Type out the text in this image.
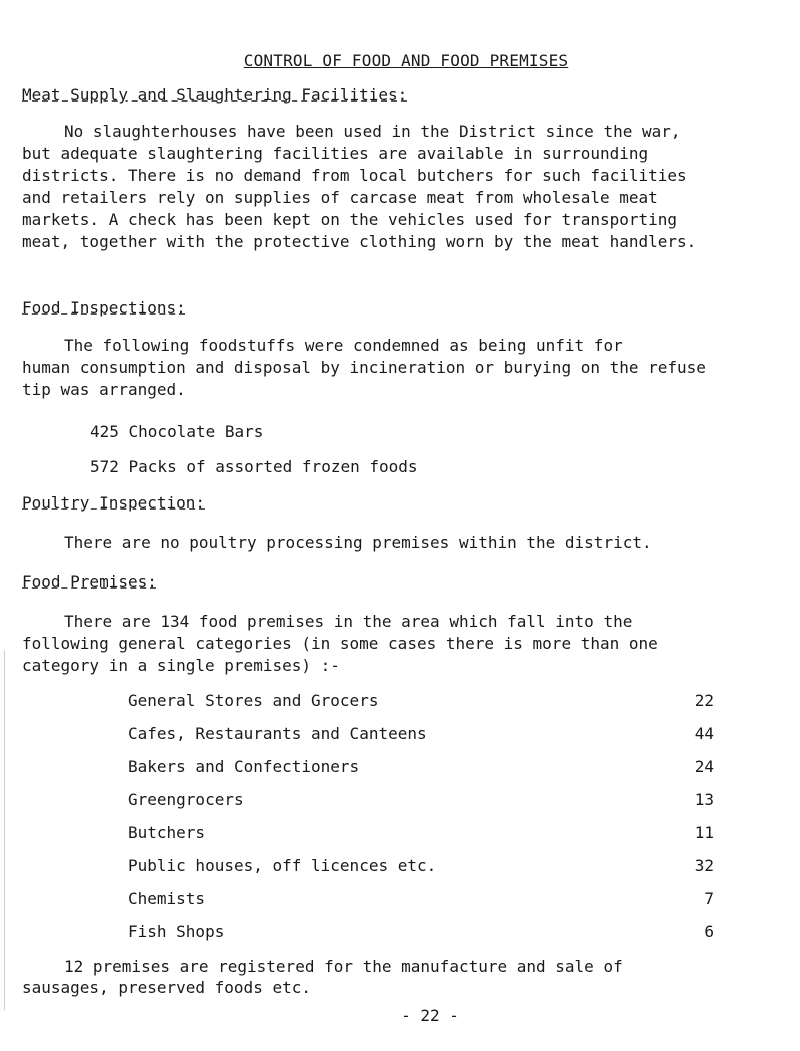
CONTROL OF FOOD AND FOOD PREMISES
Meat Supply and Slaughtering Facilities:
No slaughterhouses have been used in the District since the war,
but adequate slaughtering facilities are available in surrounding
districts. There is no demand from local butchers for such facilities
and retailers rely on supplies of carcase meat from wholesale meat
markets. A check has been kept on the vehicles used for transporting
meat, together with the protective clothing worn by the meat handlers.
Food Inspections:
The following foodstuffs were condemned as being unfit for
human consumption and disposal by incineration or burying on the refuse
tip was arranged.
425 Chocolate Bars
572 Packs of assorted frozen foods
Poultry Inspection:
There are no poultry processing premises within the district.
Food Premises:
There are 134 food premises in the area which fall into the
following general categories (in some cases there is more than one
category in a single premises) :-
General Stores and Grocers	22
Cafes, Restaurants and Canteens	44
Bakers and Confectioners	24
Greengrocers	13
Butchers	11
Public houses, off licences etc.	32
Chemists	7
Fish Shops	6
12 premises are registered for the manufacture and sale of
sausages, preserved foods etc.
- 22 -
